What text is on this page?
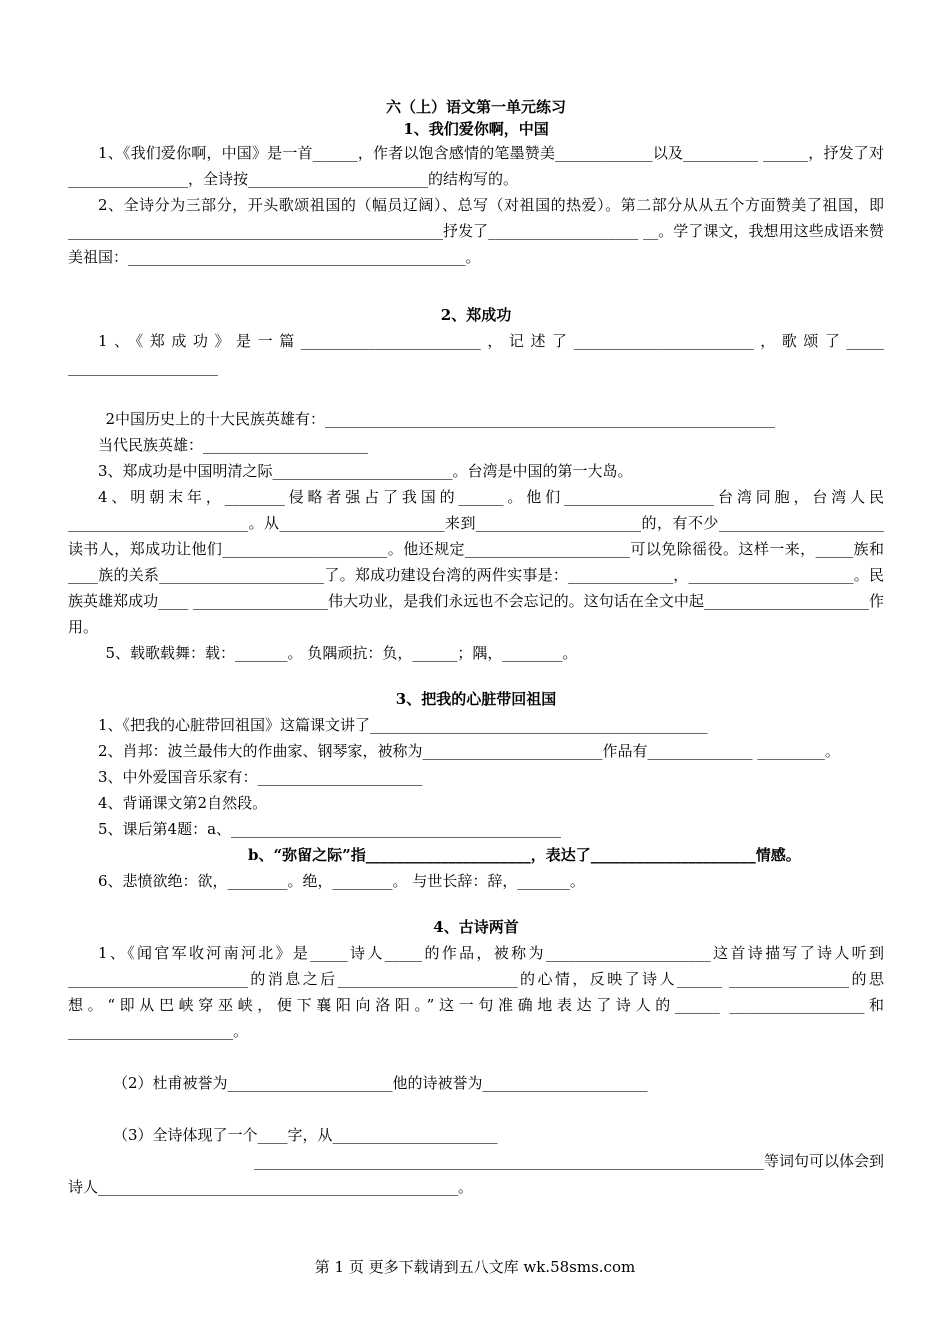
六（上）语文第一单元练习

1、我们爱你啊，中国

1、《我们爱你啊，中国》是一首______，作者以饱含感情的笔墨赞美_____________以及__________ ______，抒发了对________________，全诗按________________________的结构写的。

2、全诗分为三部分，开头歌颂祖国的（幅员辽阔）、总写（对祖国的热爱）。第二部分从从五个方面赞美了祖国，即__________________________________________________抒发了____________________ __。学了课文，我想用这些成语来赞美祖国：_____________________________________________。

2、郑成功

1、《郑成功》是一篇________________________，记述了________________________，歌颂了_____ ____________________

2中国历史上的十大民族英雄有：____________________________________________________________

当代民族英雄：______________________

3、郑成功是中国明清之际________________________。台湾是中国的第一大岛。

4、明朝末年，________侵略者强占了我国的______。他们____________________台湾同胞，台湾人民________________________。从______________________来到______________________的，有不少______________________读书人，郑成功让他们______________________。他还规定______________________可以免除徭役。这样一来，_____族和____族的关系______________________了。郑成功建设台湾的两件实事是：______________，______________________。民族英雄郑成功____ __________________伟大功业，是我们永远也不会忘记的。这句话在全文中起______________________作用。

5、载歌载舞：载：_______。 负隅顽抗：负，______；隅，________。

3、把我的心脏带回祖国

1、《把我的心脏带回祖国》这篇课文讲了_____________________________________________

2、肖邦：波兰最伟大的作曲家、钢琴家，被称为________________________作品有______________ _________。

3、中外爱国音乐家有：______________________

4、背诵课文第2自然段。

5、课后第4题：a、____________________________________________

b、“弥留之际”指______________________，表达了______________________情感。

6、悲愤欲绝：欲，________。绝，________。 与世长辞：辞，_______。

4、古诗两首

1、《闻官军收河南河北》是_____诗人_____的作品，被称为______________________这首诗描写了诗人听到________________________的消息之后________________________的心情，反映了诗人______ ________________的思想。“即从巴峡穿巫峡，便下襄阳向洛阳。”这一句准确地表达了诗人的______ __________________和______________________。

（2）杜甫被誉为______________________他的诗被誉为______________________

（3）全诗体现了一个____字，从______________________

____________________________________________________________________等词句可以体会到

诗人________________________________________________。

第 1 页 更多下载请到五八文库 wk.58sms.com
